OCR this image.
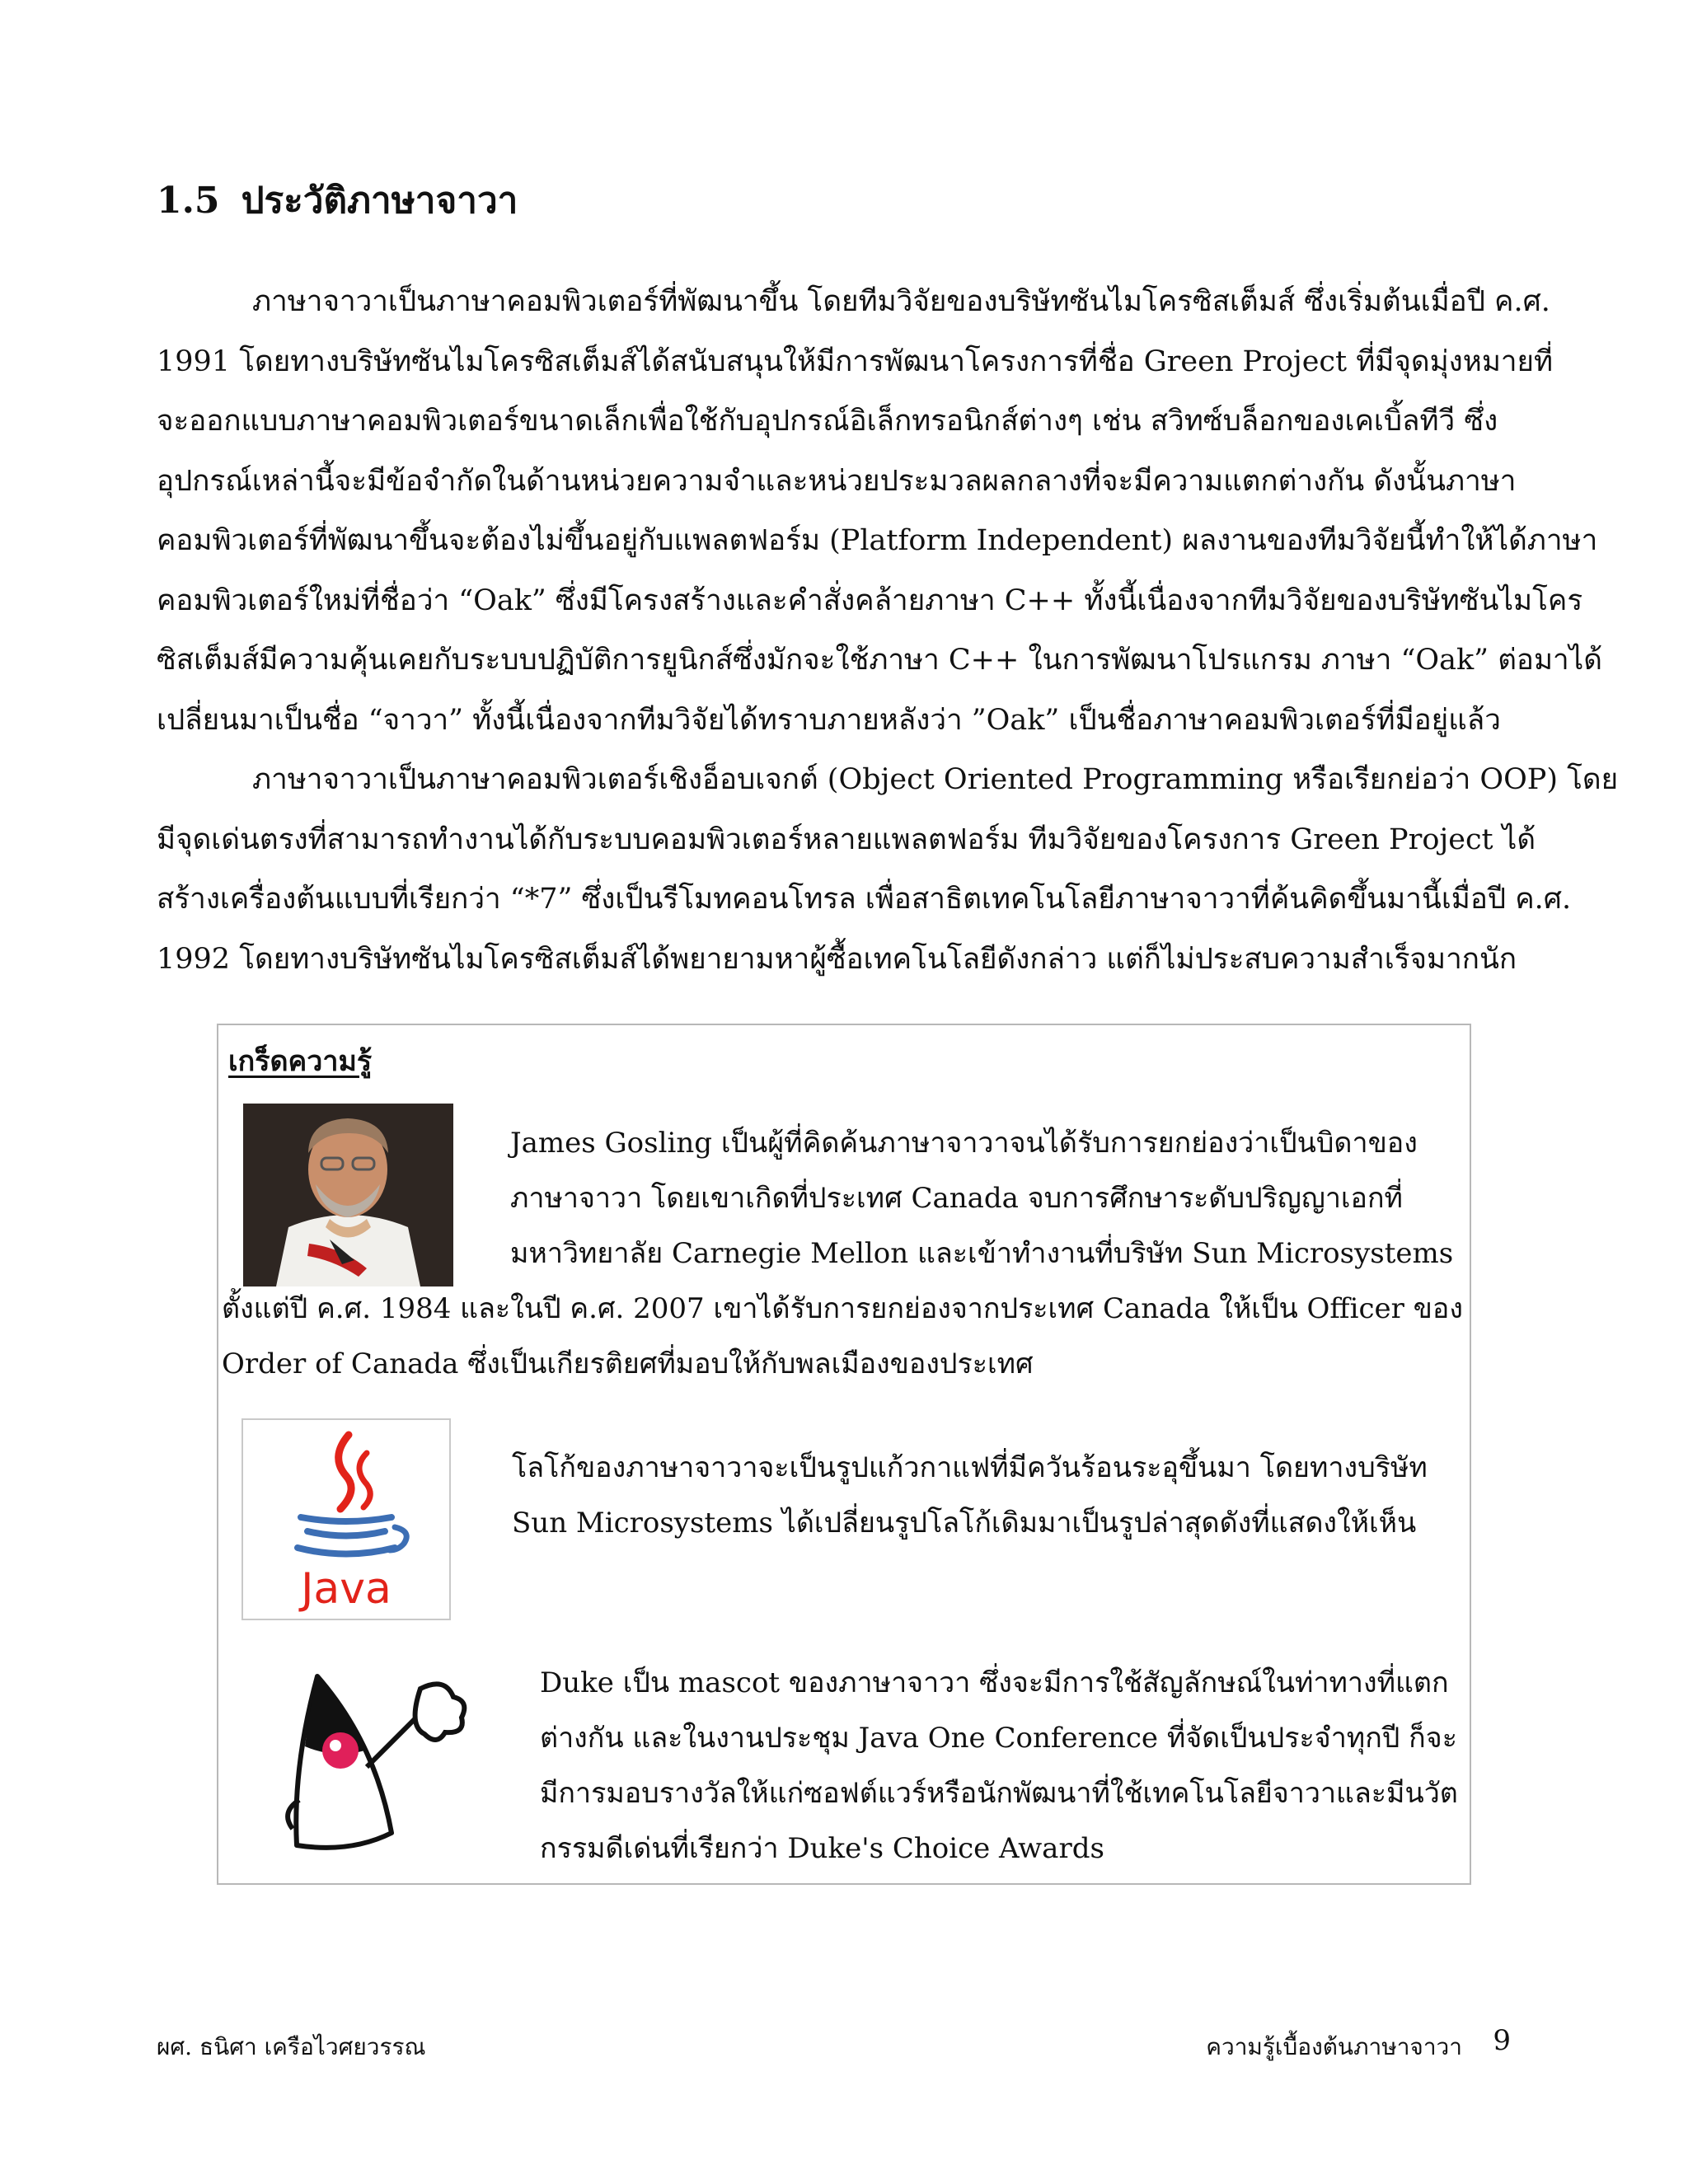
1.5 ประวัติภาษาจาวา
ภาษาจาวาเป็นภาษาคอมพิวเตอร์ที่พัฒนาขึ้น โดยทีมวิจัยของบริษัทซันไมโครซิสเต็มส์ ซึ่งเริ่มต้นเมื่อปี ค.ศ.
1991 โดยทางบริษัทซันไมโครซิสเต็มส์ได้สนับสนุนให้มีการพัฒนาโครงการที่ชื่อ Green Project ที่มีจุดมุ่งหมายที่
จะออกแบบภาษาคอมพิวเตอร์ขนาดเล็กเพื่อใช้กับอุปกรณ์อิเล็กทรอนิกส์ต่างๆ เช่น สวิทซ์บล็อกของเคเบิ้ลทีวี ซึ่ง
อุปกรณ์เหล่านี้จะมีข้อจำกัดในด้านหน่วยความจำและหน่วยประมวลผลกลางที่จะมีความแตกต่างกัน ดังนั้นภาษา
คอมพิวเตอร์ที่พัฒนาขึ้นจะต้องไม่ขึ้นอยู่กับแพลตฟอร์ม (Platform Independent) ผลงานของทีมวิจัยนี้ทำให้ได้ภาษา
คอมพิวเตอร์ใหม่ที่ชื่อว่า “Oak” ซึ่งมีโครงสร้างและคำสั่งคล้ายภาษา C++ ทั้งนี้เนื่องจากทีมวิจัยของบริษัทซันไมโคร
ซิสเต็มส์มีความคุ้นเคยกับระบบปฏิบัติการยูนิกส์ซึ่งมักจะใช้ภาษา C++ ในการพัฒนาโปรแกรม ภาษา “Oak” ต่อมาได้
เปลี่ยนมาเป็นชื่อ “จาวา” ทั้งนี้เนื่องจากทีมวิจัยได้ทราบภายหลังว่า ”Oak” เป็นชื่อภาษาคอมพิวเตอร์ที่มีอยู่แล้ว
ภาษาจาวาเป็นภาษาคอมพิวเตอร์เชิงอ็อบเจกต์ (Object Oriented Programming หรือเรียกย่อว่า OOP) โดย
มีจุดเด่นตรงที่สามารถทำงานได้กับระบบคอมพิวเตอร์หลายแพลตฟอร์ม ทีมวิจัยของโครงการ Green Project ได้
สร้างเครื่องต้นแบบที่เรียกว่า “*7” ซึ่งเป็นรีโมทคอนโทรล เพื่อสาธิตเทคโนโลยีภาษาจาวาที่ค้นคิดขึ้นมานี้เมื่อปี ค.ศ.
1992 โดยทางบริษัทซันไมโครซิสเต็มส์ได้พยายามหาผู้ซื้อเทคโนโลยีดังกล่าว แต่ก็ไม่ประสบความสำเร็จมากนัก
เกร็ดความรู้
James Gosling เป็นผู้ที่คิดค้นภาษาจาวาจนได้รับการยกย่องว่าเป็นบิดาของ
ภาษาจาวา โดยเขาเกิดที่ประเทศ Canada จบการศึกษาระดับปริญญาเอกที่
มหาวิทยาลัย Carnegie Mellon และเข้าทำงานที่บริษัท Sun Microsystems
ตั้งแต่ปี ค.ศ. 1984 และในปี ค.ศ. 2007 เขาได้รับการยกย่องจากประเทศ Canada ให้เป็น Officer ของ
Order of Canada ซึ่งเป็นเกียรติยศที่มอบให้กับพลเมืองของประเทศ
Java
โลโก้ของภาษาจาวาจะเป็นรูปแก้วกาแฟที่มีควันร้อนระอุขึ้นมา โดยทางบริษัท
Sun Microsystems ได้เปลี่ยนรูปโลโก้เดิมมาเป็นรูปล่าสุดดังที่แสดงให้เห็น
Duke เป็น mascot ของภาษาจาวา ซึ่งจะมีการใช้สัญลักษณ์ในท่าทางที่แตก
ต่างกัน และในงานประชุม Java One Conference ที่จัดเป็นประจำทุกปี ก็จะ
มีการมอบรางวัลให้แก่ซอฟต์แวร์หรือนักพัฒนาที่ใช้เทคโนโลยีจาวาและมีนวัต
กรรมดีเด่นที่เรียกว่า Duke's Choice Awards
ผศ. ธนิศา เครือไวศยวรรณ	ความรู้เบื้องต้นภาษาจาวา 9
